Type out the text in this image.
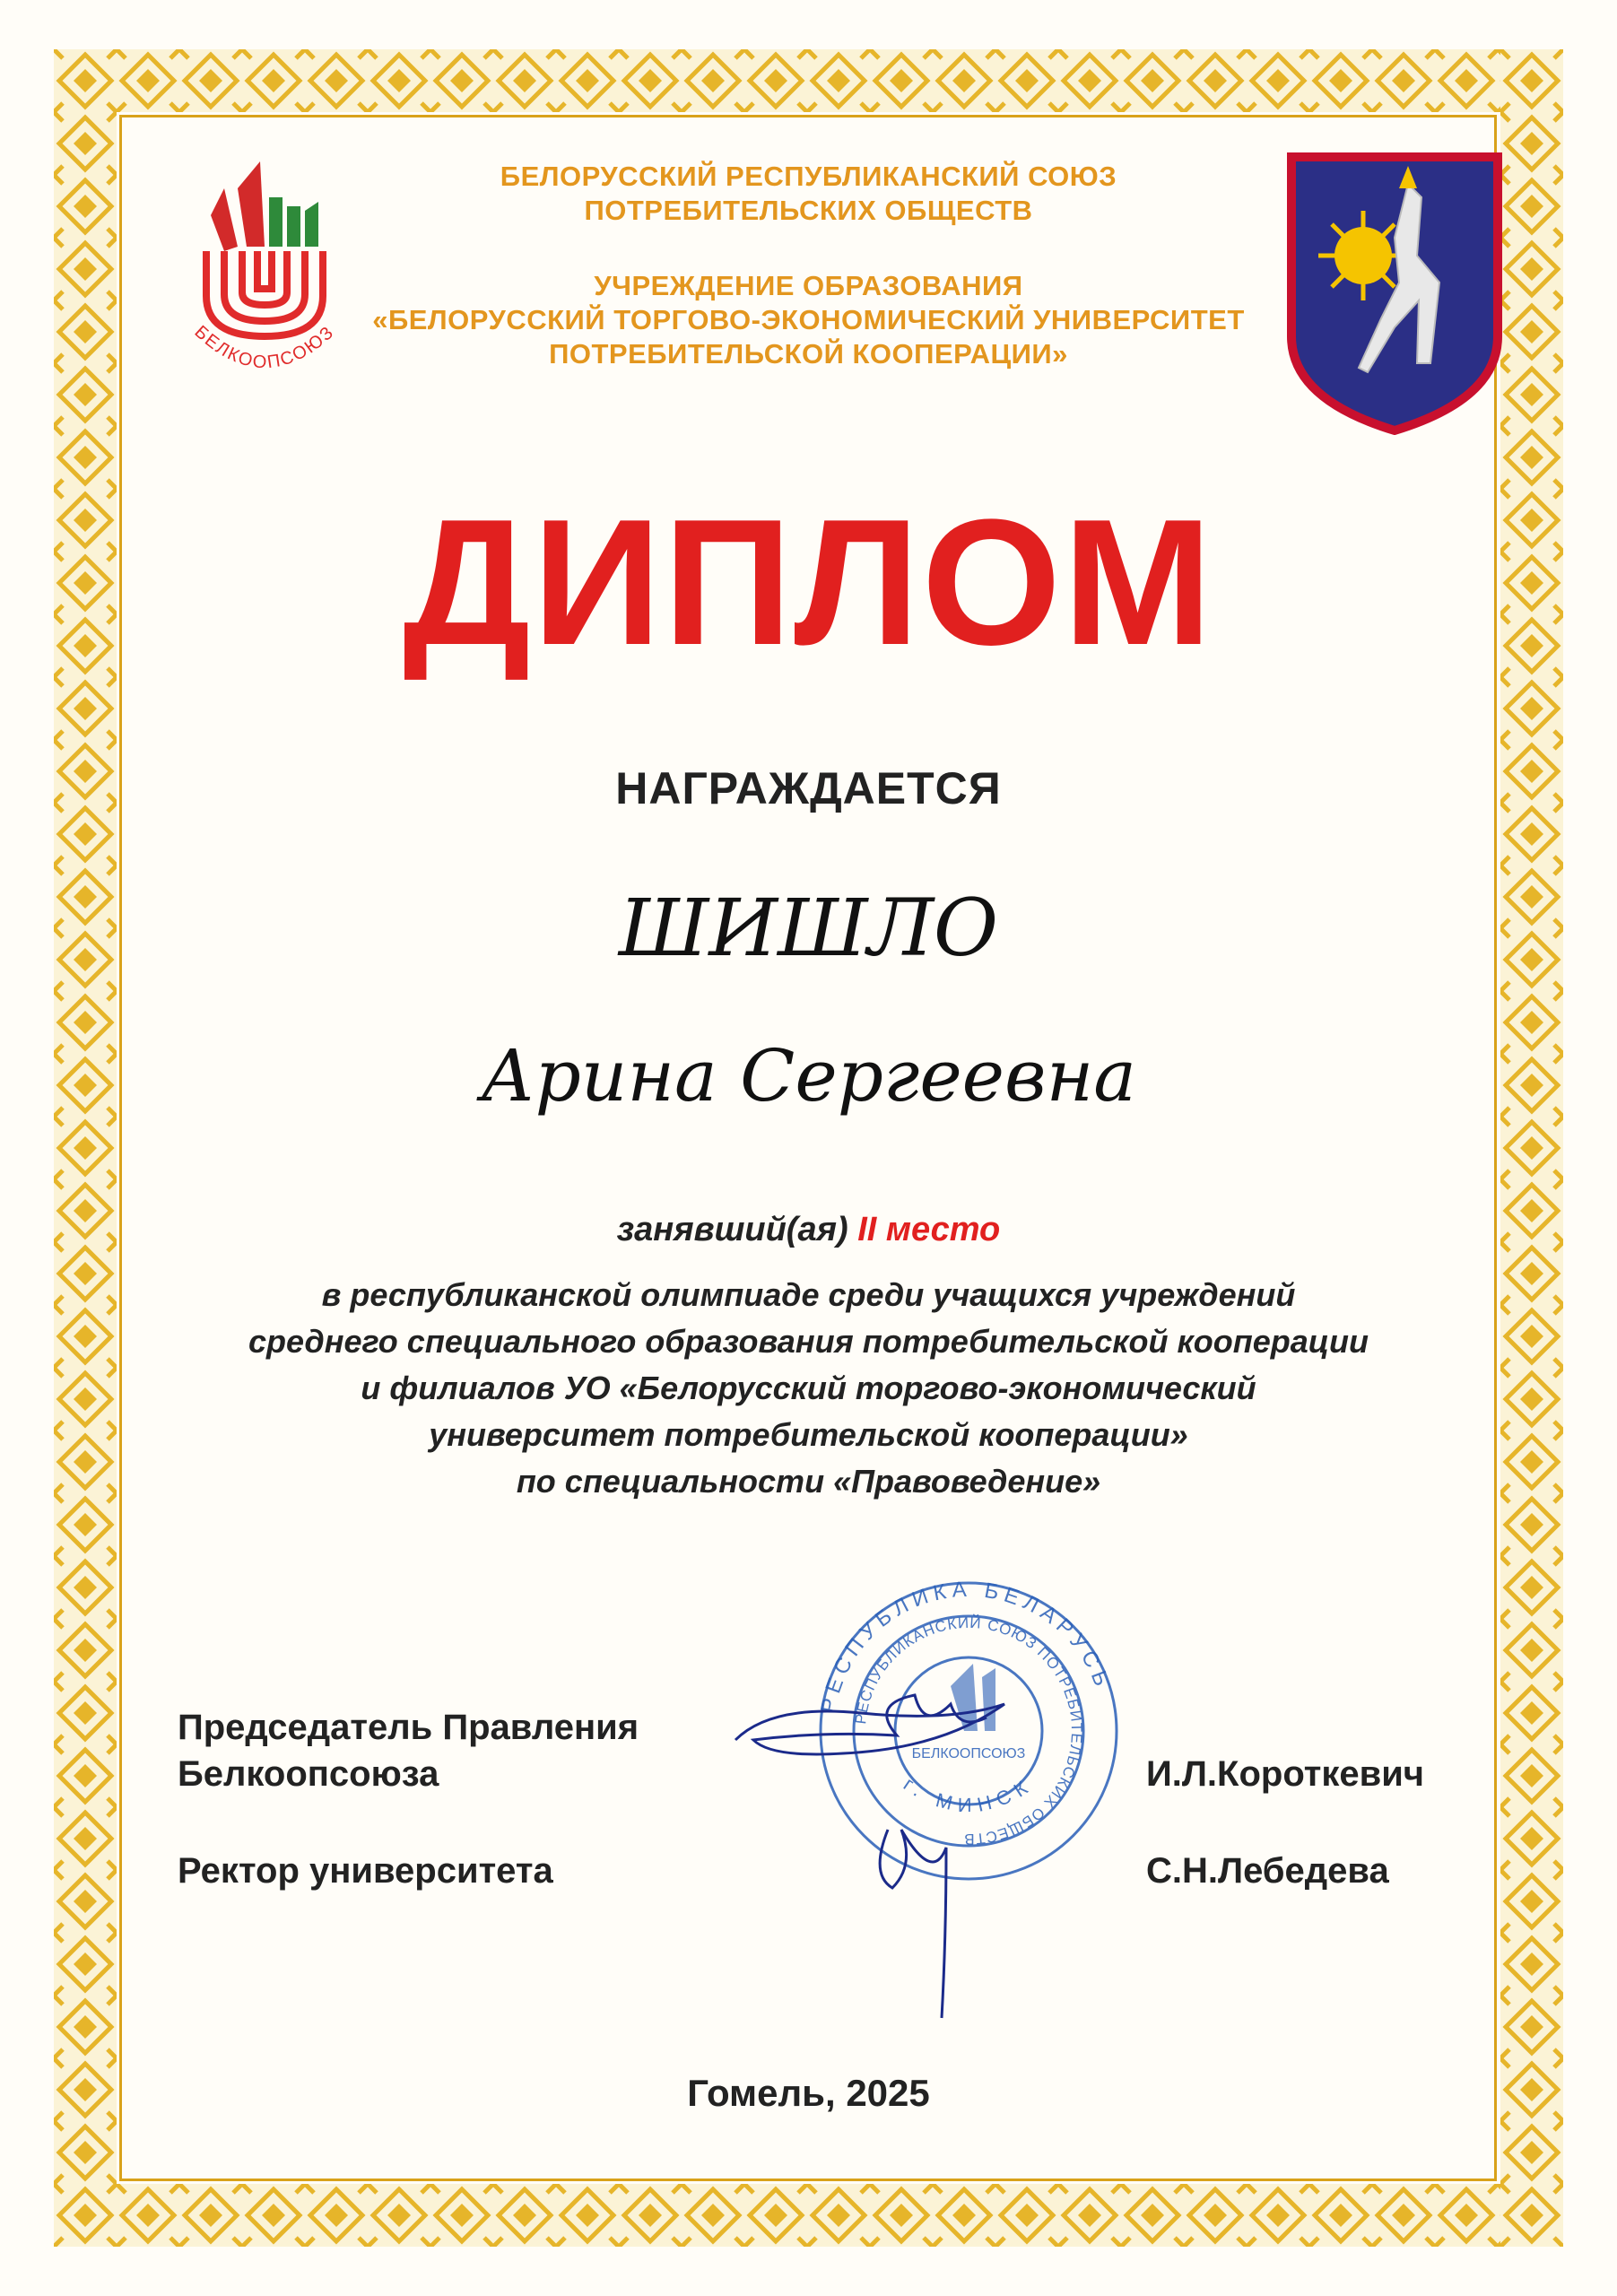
БЕЛКООПСОЮЗ
БЕЛОРУССКИЙ РЕСПУБЛИКАНСКИЙ СОЮЗ
ПОТРЕБИТЕЛЬСКИХ ОБЩЕСТВ
УЧРЕЖДЕНИЕ ОБРАЗОВАНИЯ
«БЕЛОРУССКИЙ ТОРГОВО-ЭКОНОМИЧЕСКИЙ УНИВЕРСИТЕТ
ПОТРЕБИТЕЛЬСКОЙ КООПЕРАЦИИ»
ДИПЛОМ
НАГРАЖДАЕТСЯ
ШИШЛО
Арина Сергеевна
занявший(ая) II место
в республиканской олимпиаде среди учащихся учреждений
среднего специального образования потребительской кооперации
и филиалов УО «Белорусский торгово-экономический
университет потребительской кооперации»
по специальности «Правоведение»
РЕСПУБЛИКА БЕЛАРУСЬ
РЕСПУБЛИКАНСКИЙ СОЮЗ ПОТРЕБИТЕЛЬСКИХ ОБЩЕСТВ
БЕЛКООПСОЮЗ
г. МИНСК
Председатель Правления
Белкоопсоюза	И.Л.Короткевич
Ректор университета	С.Н.Лебедева
Гомель, 2025
